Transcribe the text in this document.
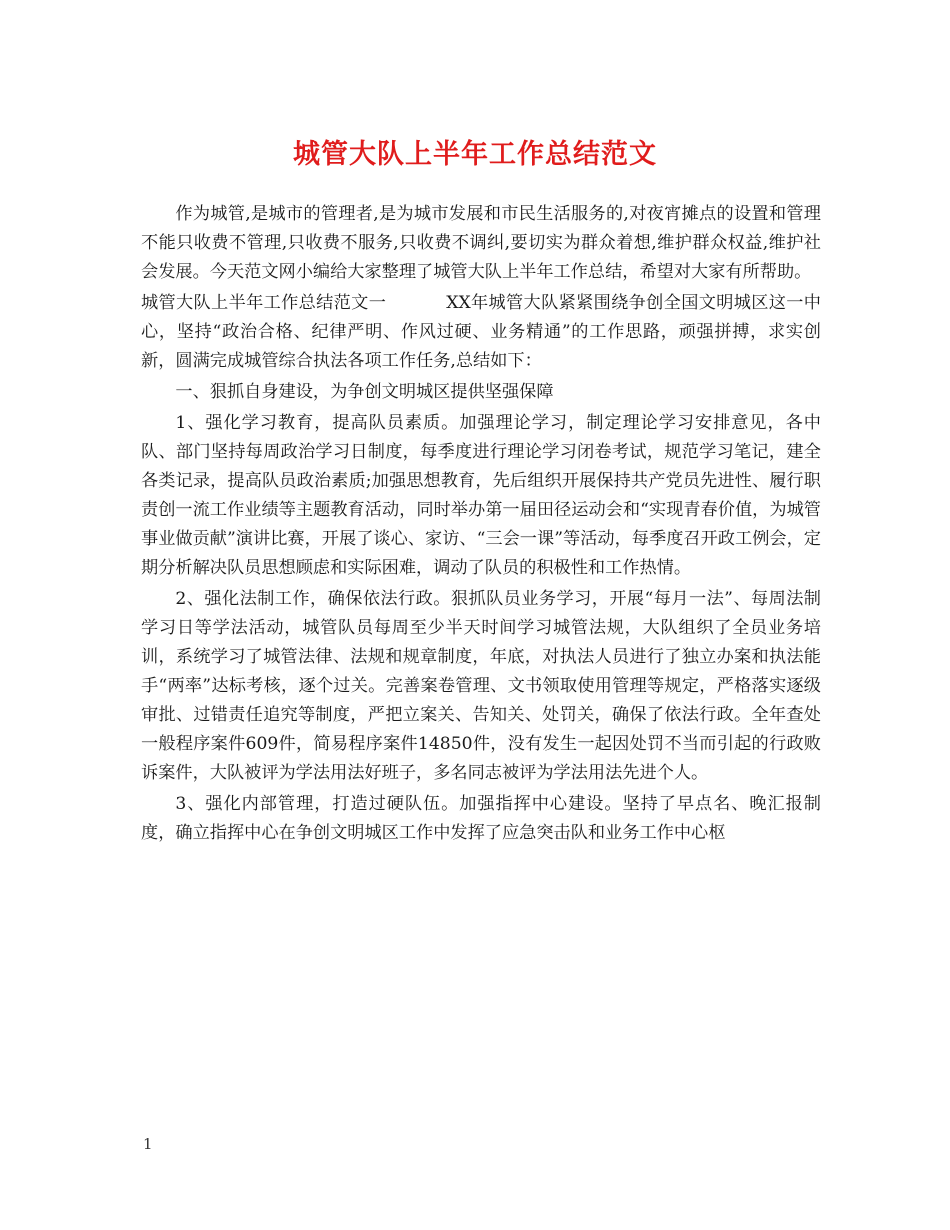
城管大队上半年工作总结范文

作为城管,是城市的管理者,是为城市发展和市民生活服务的,对夜宵摊点的设置和管理不能只收费不管理,只收费不服务,只收费不调纠,要切实为群众着想,维护群众权益,维护社会发展。今天范文网小编给大家整理了城管大队上半年工作总结，希望对大家有所帮助。

城管大队上半年工作总结范文一	XX年城管大队紧紧围绕争创全国文明城区这一中心，坚持“政治合格、纪律严明、作风过硬、业务精通”的工作思路，顽强拼搏，求实创新，圆满完成城管综合执法各项工作任务,总结如下：

一、狠抓自身建设，为争创文明城区提供坚强保障

1、强化学习教育，提高队员素质。加强理论学习，制定理论学习安排意见，各中队、部门坚持每周政治学习日制度，每季度进行理论学习闭卷考试，规范学习笔记，建全各类记录，提高队员政治素质;加强思想教育，先后组织开展保持共产党员先进性、履行职责创一流工作业绩等主题教育活动，同时举办第一届田径运动会和“实现青春价值，为城管事业做贡献”演讲比赛，开展了谈心、家访、“三会一课”等活动，每季度召开政工例会，定期分析解决队员思想顾虑和实际困难，调动了队员的积极性和工作热情。

2、强化法制工作，确保依法行政。狠抓队员业务学习，开展“每月一法”、每周法制学习日等学法活动，城管队员每周至少半天时间学习城管法规，大队组织了全员业务培训，系统学习了城管法律、法规和规章制度，年底，对执法人员进行了独立办案和执法能手“两率”达标考核，逐个过关。完善案卷管理、文书领取使用管理等规定，严格落实逐级审批、过错责任追究等制度，严把立案关、告知关、处罚关，确保了依法行政。全年查处一般程序案件609件，简易程序案件14850件，没有发生一起因处罚不当而引起的行政败诉案件，大队被评为学法用法好班子，多名同志被评为学法用法先进个人。

3、强化内部管理，打造过硬队伍。加强指挥中心建设。坚持了早点名、晚汇报制度，确立指挥中心在争创文明城区工作中发挥了应急突击队和业务工作中心枢

1
